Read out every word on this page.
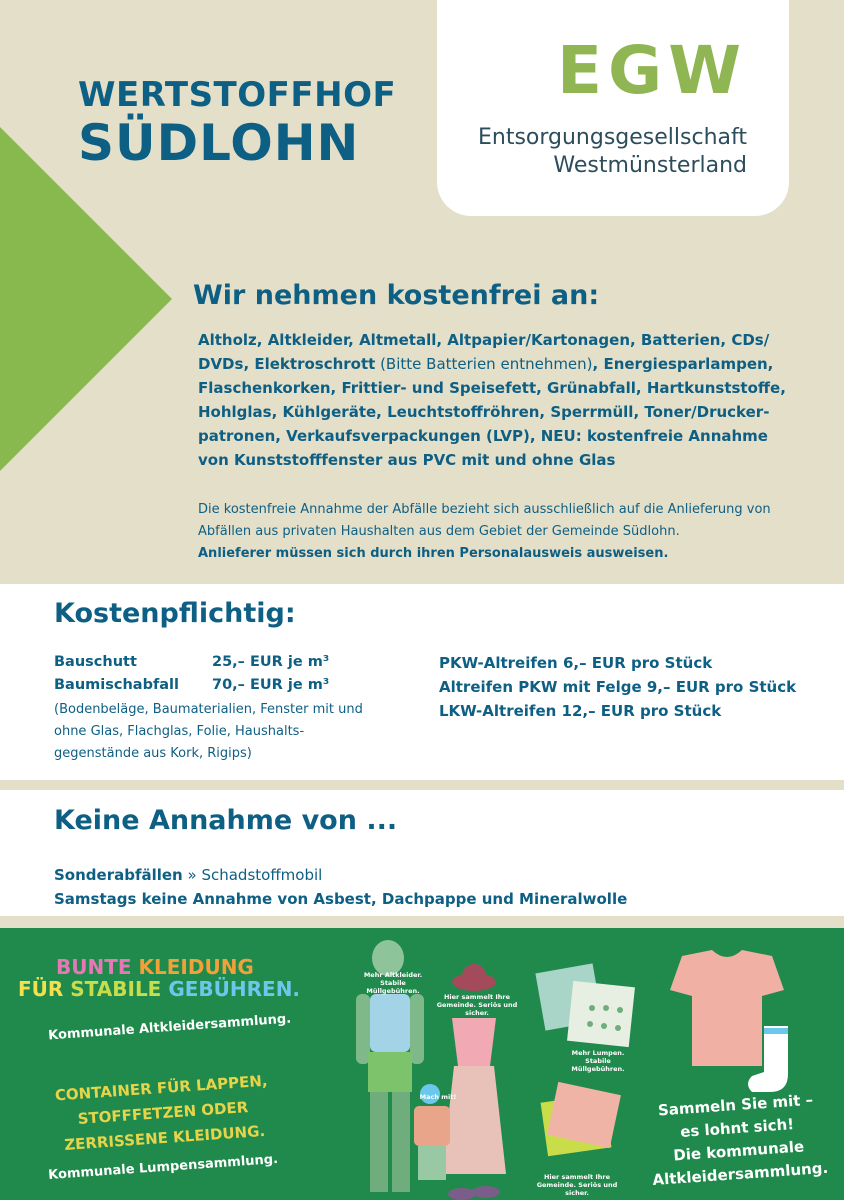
WERTSTOFFHOF
SÜDLOHN
EGW
Entsorgungsgesellschaft
Westmünsterland
Wir nehmen kostenfrei an:
Altholz, Altkleider, Altmetall, Altpapier/Kartonagen, Batterien, CDs/ DVDs, Elektroschrott (Bitte Batterien entnehmen), Energiesparlampen, Flaschenkorken, Frittier- und Speisefett, Grünabfall, Hartkunststoffe, Hohlglas, Kühlgeräte, Leuchtstoffröhren, Sperrmüll, Toner/Drucker-patronen, Verkaufsverpackungen (LVP), NEU: kostenfreie Annahme von Kunststofffenster aus PVC mit und ohne Glas
Die kostenfreie Annahme der Abfälle bezieht sich ausschließlich auf die Anlieferung von Abfällen aus privaten Haushalten aus dem Gebiet der Gemeinde Südlohn.
Anlieferer müssen sich durch ihren Personalausweis ausweisen.
Kostenpflichtig:
Bauschutt	25,– EUR je m³
Baumischabfall	70,– EUR je m³
(Bodenbeläge, Baumaterialien, Fenster mit und ohne Glas, Flachglas, Folie, Haushalts-gegenstände aus Kork, Rigips)
PKW-Altreifen 6,– EUR pro Stück
Altreifen PKW mit Felge 9,– EUR pro Stück
LKW-Altreifen 12,– EUR pro Stück
Keine Annahme von ...
Sonderabfällen » Schadstoffmobil
Samstags keine Annahme von Asbest, Dachpappe und Mineralwolle
BUNTE KLEIDUNG
FÜR STABILE GEBÜHREN.
Kommunale Altkleidersammlung.
CONTAINER FÜR LAPPEN,
STOFFFETZEN ODER
ZERRISSENE KLEIDUNG.
Kommunale Lumpensammlung.
Mehr Altkleider. Stabile Müllgebühren.
Hier sammelt Ihre Gemeinde. Seriös und sicher.
Mach mit!
Mehr Lumpen. Stabile Müllgebühren.
Hier sammelt Ihre Gemeinde. Seriös und sicher.
Sammeln Sie mit –
es lohnt sich!
Die kommunale
Altkleidersammlung.
